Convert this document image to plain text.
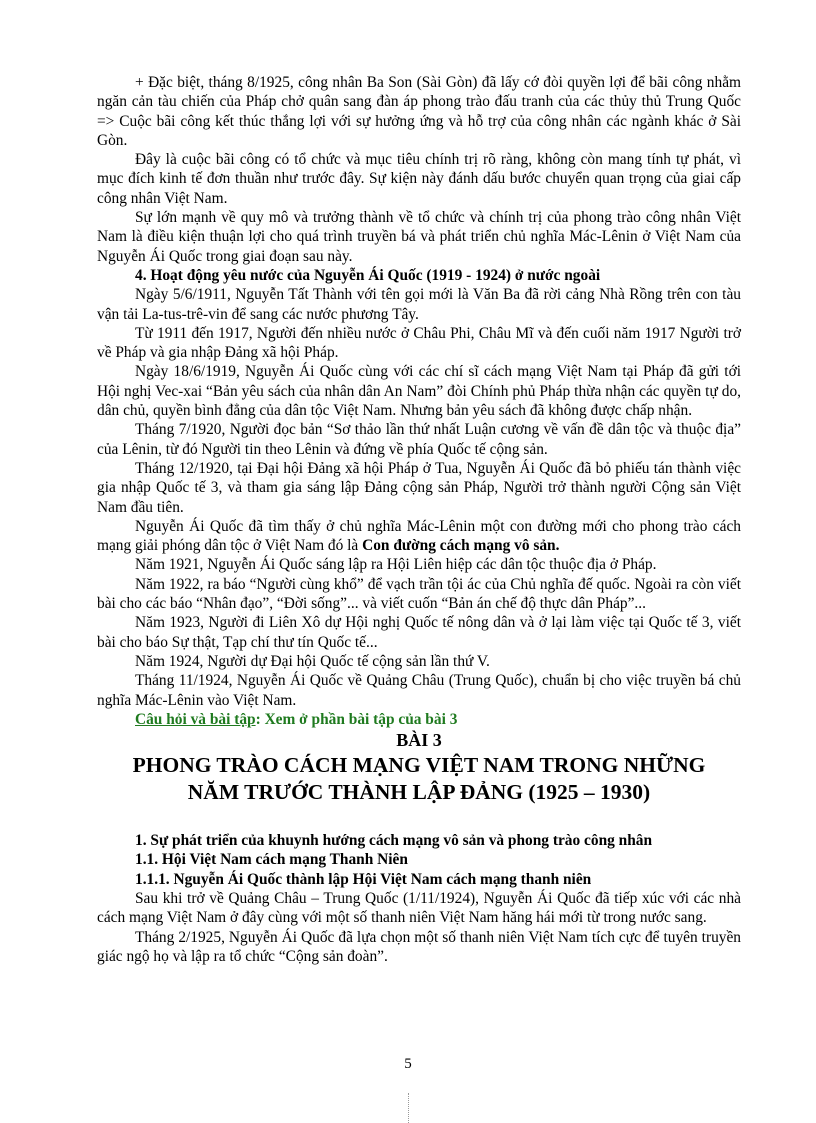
+ Đặc biệt, tháng 8/1925, công nhân Ba Son (Sài Gòn) đã lấy cớ đòi quyền lợi để bãi công nhằm ngăn cản tàu chiến của Pháp chở quân sang đàn áp phong trào đấu tranh của các thủy thủ Trung Quốc => Cuộc bãi công kết thúc thắng lợi với sự hưởng ứng và hỗ trợ của công nhân các ngành khác ở Sài Gòn.

Đây là cuộc bãi công có tổ chức và mục tiêu chính trị rõ ràng, không còn mang tính tự phát, vì mục đích kinh tế đơn thuần như trước đây. Sự kiện này đánh dấu bước chuyển quan trọng của giai cấp công nhân Việt Nam.

Sự lớn mạnh về quy mô và trưởng thành về tổ chức và chính trị của phong trào công nhân Việt Nam là điều kiện thuận lợi cho quá trình truyền bá và phát triển chủ nghĩa Mác-Lênin ở Việt Nam của Nguyễn Ái Quốc trong giai đoạn sau này.

4. Hoạt động yêu nước của Nguyễn Ái Quốc (1919 - 1924) ở nước ngoài

Ngày 5/6/1911, Nguyễn Tất Thành với tên gọi mới là Văn Ba đã rời cảng Nhà Rồng trên con tàu vận tải La-tus-trê-vin để sang các nước phương Tây.

Từ 1911 đến 1917, Người đến nhiều nước ở Châu Phi, Châu Mĩ và đến cuối năm 1917 Người trở về Pháp và gia nhập Đảng xã hội Pháp.

Ngày 18/6/1919, Nguyễn Ái Quốc cùng với các chí sĩ cách mạng Việt Nam tại Pháp đã gửi tới Hội nghị Vec-xai “Bản yêu sách của nhân dân An Nam” đòi Chính phủ Pháp thừa nhận các quyền tự do, dân chủ, quyền bình đẳng của dân tộc Việt Nam. Nhưng bản yêu sách đã không được chấp nhận.

Tháng 7/1920, Người đọc bản “Sơ thảo lần thứ nhất Luận cương về vấn đề dân tộc và thuộc địa” của Lênin, từ đó Người tin theo Lênin và đứng về phía Quốc tế cộng sản.

Tháng 12/1920, tại Đại hội Đảng xã hội Pháp ở Tua, Nguyễn Ái Quốc đã bỏ phiếu tán thành việc gia nhập Quốc tế 3, và tham gia sáng lập Đảng cộng sản Pháp, Người trở thành người Cộng sản Việt Nam đầu tiên.

Nguyễn Ái Quốc đã tìm thấy ở chủ nghĩa Mác-Lênin một con đường mới cho phong trào cách mạng giải phóng dân tộc ở Việt Nam đó là Con đường cách mạng vô sản.

Năm 1921, Nguyễn Ái Quốc sáng lập ra Hội Liên hiệp các dân tộc thuộc địa ở Pháp.

Năm 1922, ra báo “Người cùng khổ” để vạch trần tội ác của Chủ nghĩa đế quốc. Ngoài ra còn viết bài cho các báo “Nhân đạo”, “Đời sống”... và viết cuốn “Bản án chế độ thực dân Pháp”...

Năm 1923, Người đi Liên Xô dự Hội nghị Quốc tế nông dân và ở lại làm việc tại Quốc tế 3, viết bài cho báo Sự thật, Tạp chí thư tín Quốc tế...

Năm 1924, Người dự Đại hội Quốc tế cộng sản lần thứ V.

Tháng 11/1924, Nguyễn Ái Quốc về Quảng Châu (Trung Quốc), chuẩn bị cho việc truyền bá chủ nghĩa Mác-Lênin vào Việt Nam.

Câu hỏi và bài tập: Xem ở phần bài tập của bài 3

BÀI 3

PHONG TRÀO CÁCH MẠNG VIỆT NAM TRONG NHỮNG

NĂM TRƯỚC THÀNH LẬP ĐẢNG (1925 – 1930)

1. Sự phát triển của khuynh hướng cách mạng vô sản và phong trào công nhân

1.1. Hội Việt Nam cách mạng Thanh Niên

1.1.1. Nguyễn Ái Quốc thành lập Hội Việt Nam cách mạng thanh niên

Sau khi trở về Quảng Châu – Trung Quốc (1/11/1924), Nguyễn Ái Quốc đã tiếp xúc với các nhà cách mạng Việt Nam ở đây cùng với một số thanh niên Việt Nam hăng hái mới từ trong nước sang.

Tháng 2/1925, Nguyễn Ái Quốc đã lựa chọn một số thanh niên Việt Nam tích cực để tuyên truyền giác ngộ họ và lập ra tổ chức “Cộng sản đoàn”.

5
